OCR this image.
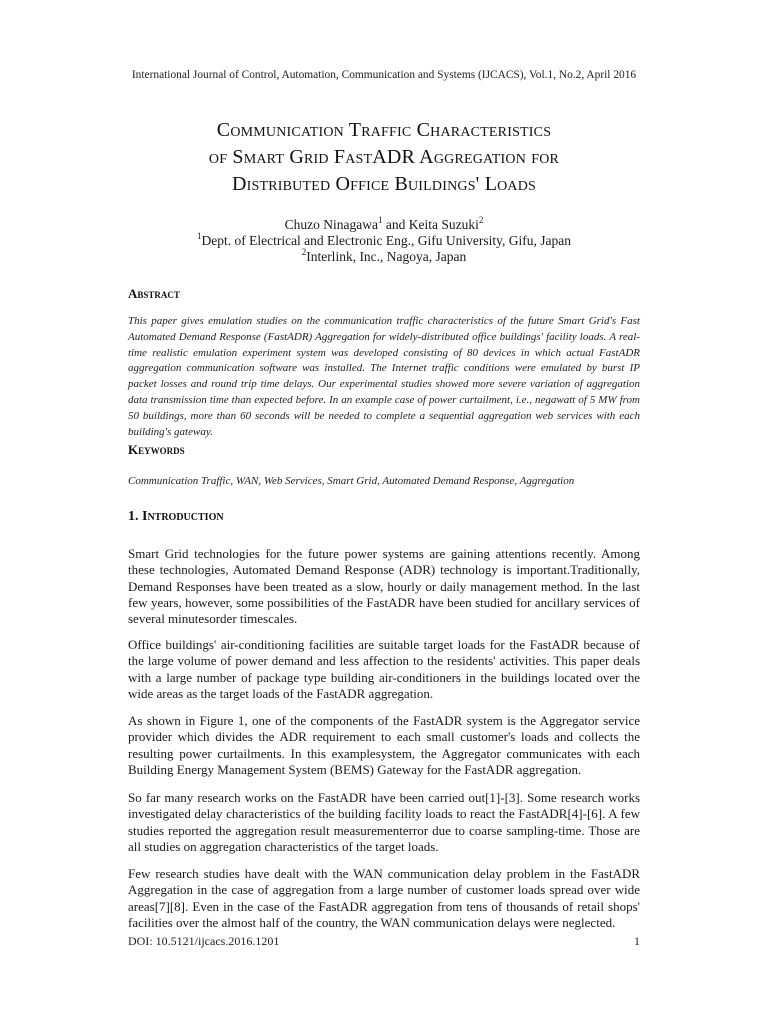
International Journal of Control, Automation, Communication and Systems (IJCACS), Vol.1, No.2, April 2016
Communication Traffic Characteristics
of Smart Grid FastADR Aggregation for
Distributed Office Buildings' Loads
Chuzo Ninagawa$^1$ and Keita Suzuki$^2$
$^1$Dept. of Electrical and Electronic Eng., Gifu University, Gifu, Japan
$^2$Interlink, Inc., Nagoya, Japan
Abstract
This paper gives emulation studies on the communication traffic characteristics of the future Smart Grid's Fast Automated Demand Response (FastADR) Aggregation for widely-distributed office buildings' facility loads. A real-time realistic emulation experiment system was developed consisting of 80 devices in which actual FastADR aggregation communication software was installed. The Internet traffic conditions were emulated by burst IP packet losses and round trip time delays. Our experimental studies showed more severe variation of aggregation data transmission time than expected before. In an example case of power curtailment, i.e., negawatt of 5 MW from 50 buildings, more than 60 seconds will be needed to complete a sequential aggregation web services with each building's gateway.
Keywords
Communication Traffic, WAN, Web Services, Smart Grid, Automated Demand Response, Aggregation
1. Introduction
Smart Grid technologies for the future power systems are gaining attentions recently. Among these technologies, Automated Demand Response (ADR) technology is important.Traditionally, Demand Responses have been treated as a slow, hourly or daily management method. In the last few years, however, some possibilities of the FastADR have been studied for ancillary services of several minutesorder timescales.
Office buildings' air-conditioning facilities are suitable target loads for the FastADR because of the large volume of power demand and less affection to the residents' activities. This paper deals with a large number of package type building air-conditioners in the buildings located over the wide areas as the target loads of the FastADR aggregation.
As shown in Figure 1, one of the components of the FastADR system is the Aggregator service provider which divides the ADR requirement to each small customer's loads and collects the resulting power curtailments. In this examplesystem, the Aggregator communicates with each Building Energy Management System (BEMS) Gateway for the FastADR aggregation.
So far many research works on the FastADR have been carried out[1]-[3]. Some research works investigated delay characteristics of the building facility loads to react the FastADR[4]-[6]. A few studies reported the aggregation result measurementerror due to coarse sampling-time. Those are all studies on aggregation characteristics of the target loads.
Few research studies have dealt with the WAN communication delay problem in the FastADR Aggregation in the case of aggregation from a large number of customer loads spread over wide areas[7][8]. Even in the case of the FastADR aggregation from tens of thousands of retail shops' facilities over the almost half of the country, the WAN communication delays were neglected.
DOI: 10.5121/ijcacs.2016.1201	1
